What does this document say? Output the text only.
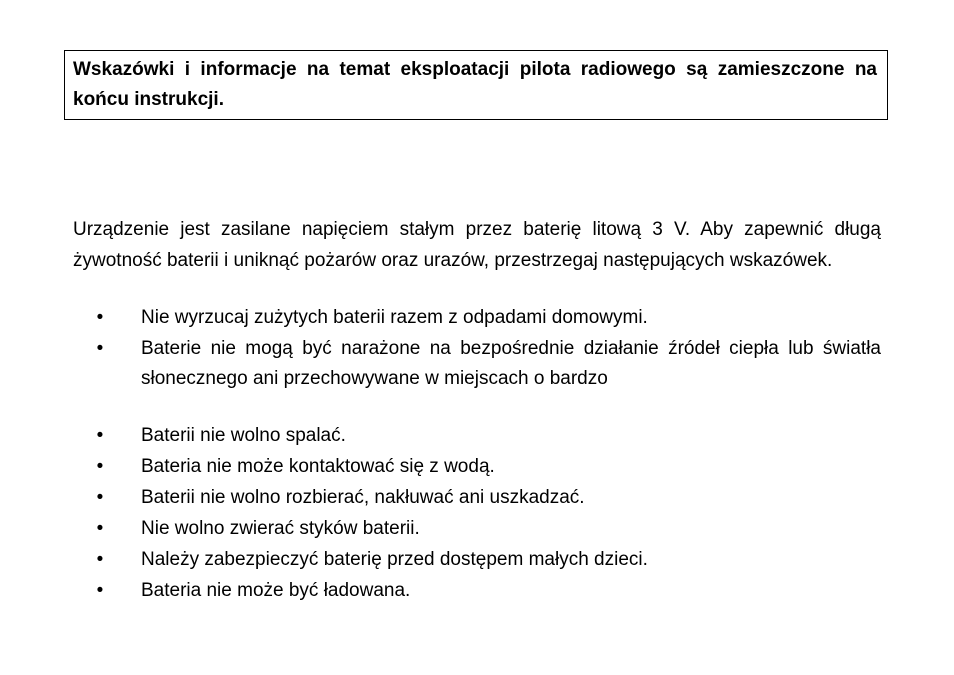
Wskazówki i informacje na temat eksploatacji pilota radiowego są zamieszczone na końcu instrukcji.

Urządzenie jest zasilane napięciem stałym przez baterię litową 3 V. Aby zapewnić długą żywotność baterii i uniknąć pożarów oraz urazów, przestrzegaj następujących wskazówek.

• Nie wyrzucaj zużytych baterii razem z odpadami domowymi.
• Baterie nie mogą być narażone na bezpośrednie działanie źródeł ciepła lub światła słonecznego ani przechowywane w miejscach o bardzo
• Baterii nie wolno spalać.
• Bateria nie może kontaktować się z wodą.
• Baterii nie wolno rozbierać, nakłuwać ani uszkadzać.
• Nie wolno zwierać styków baterii.
• Należy zabezpieczyć baterię przed dostępem małych dzieci.
• Bateria nie może być ładowana.
